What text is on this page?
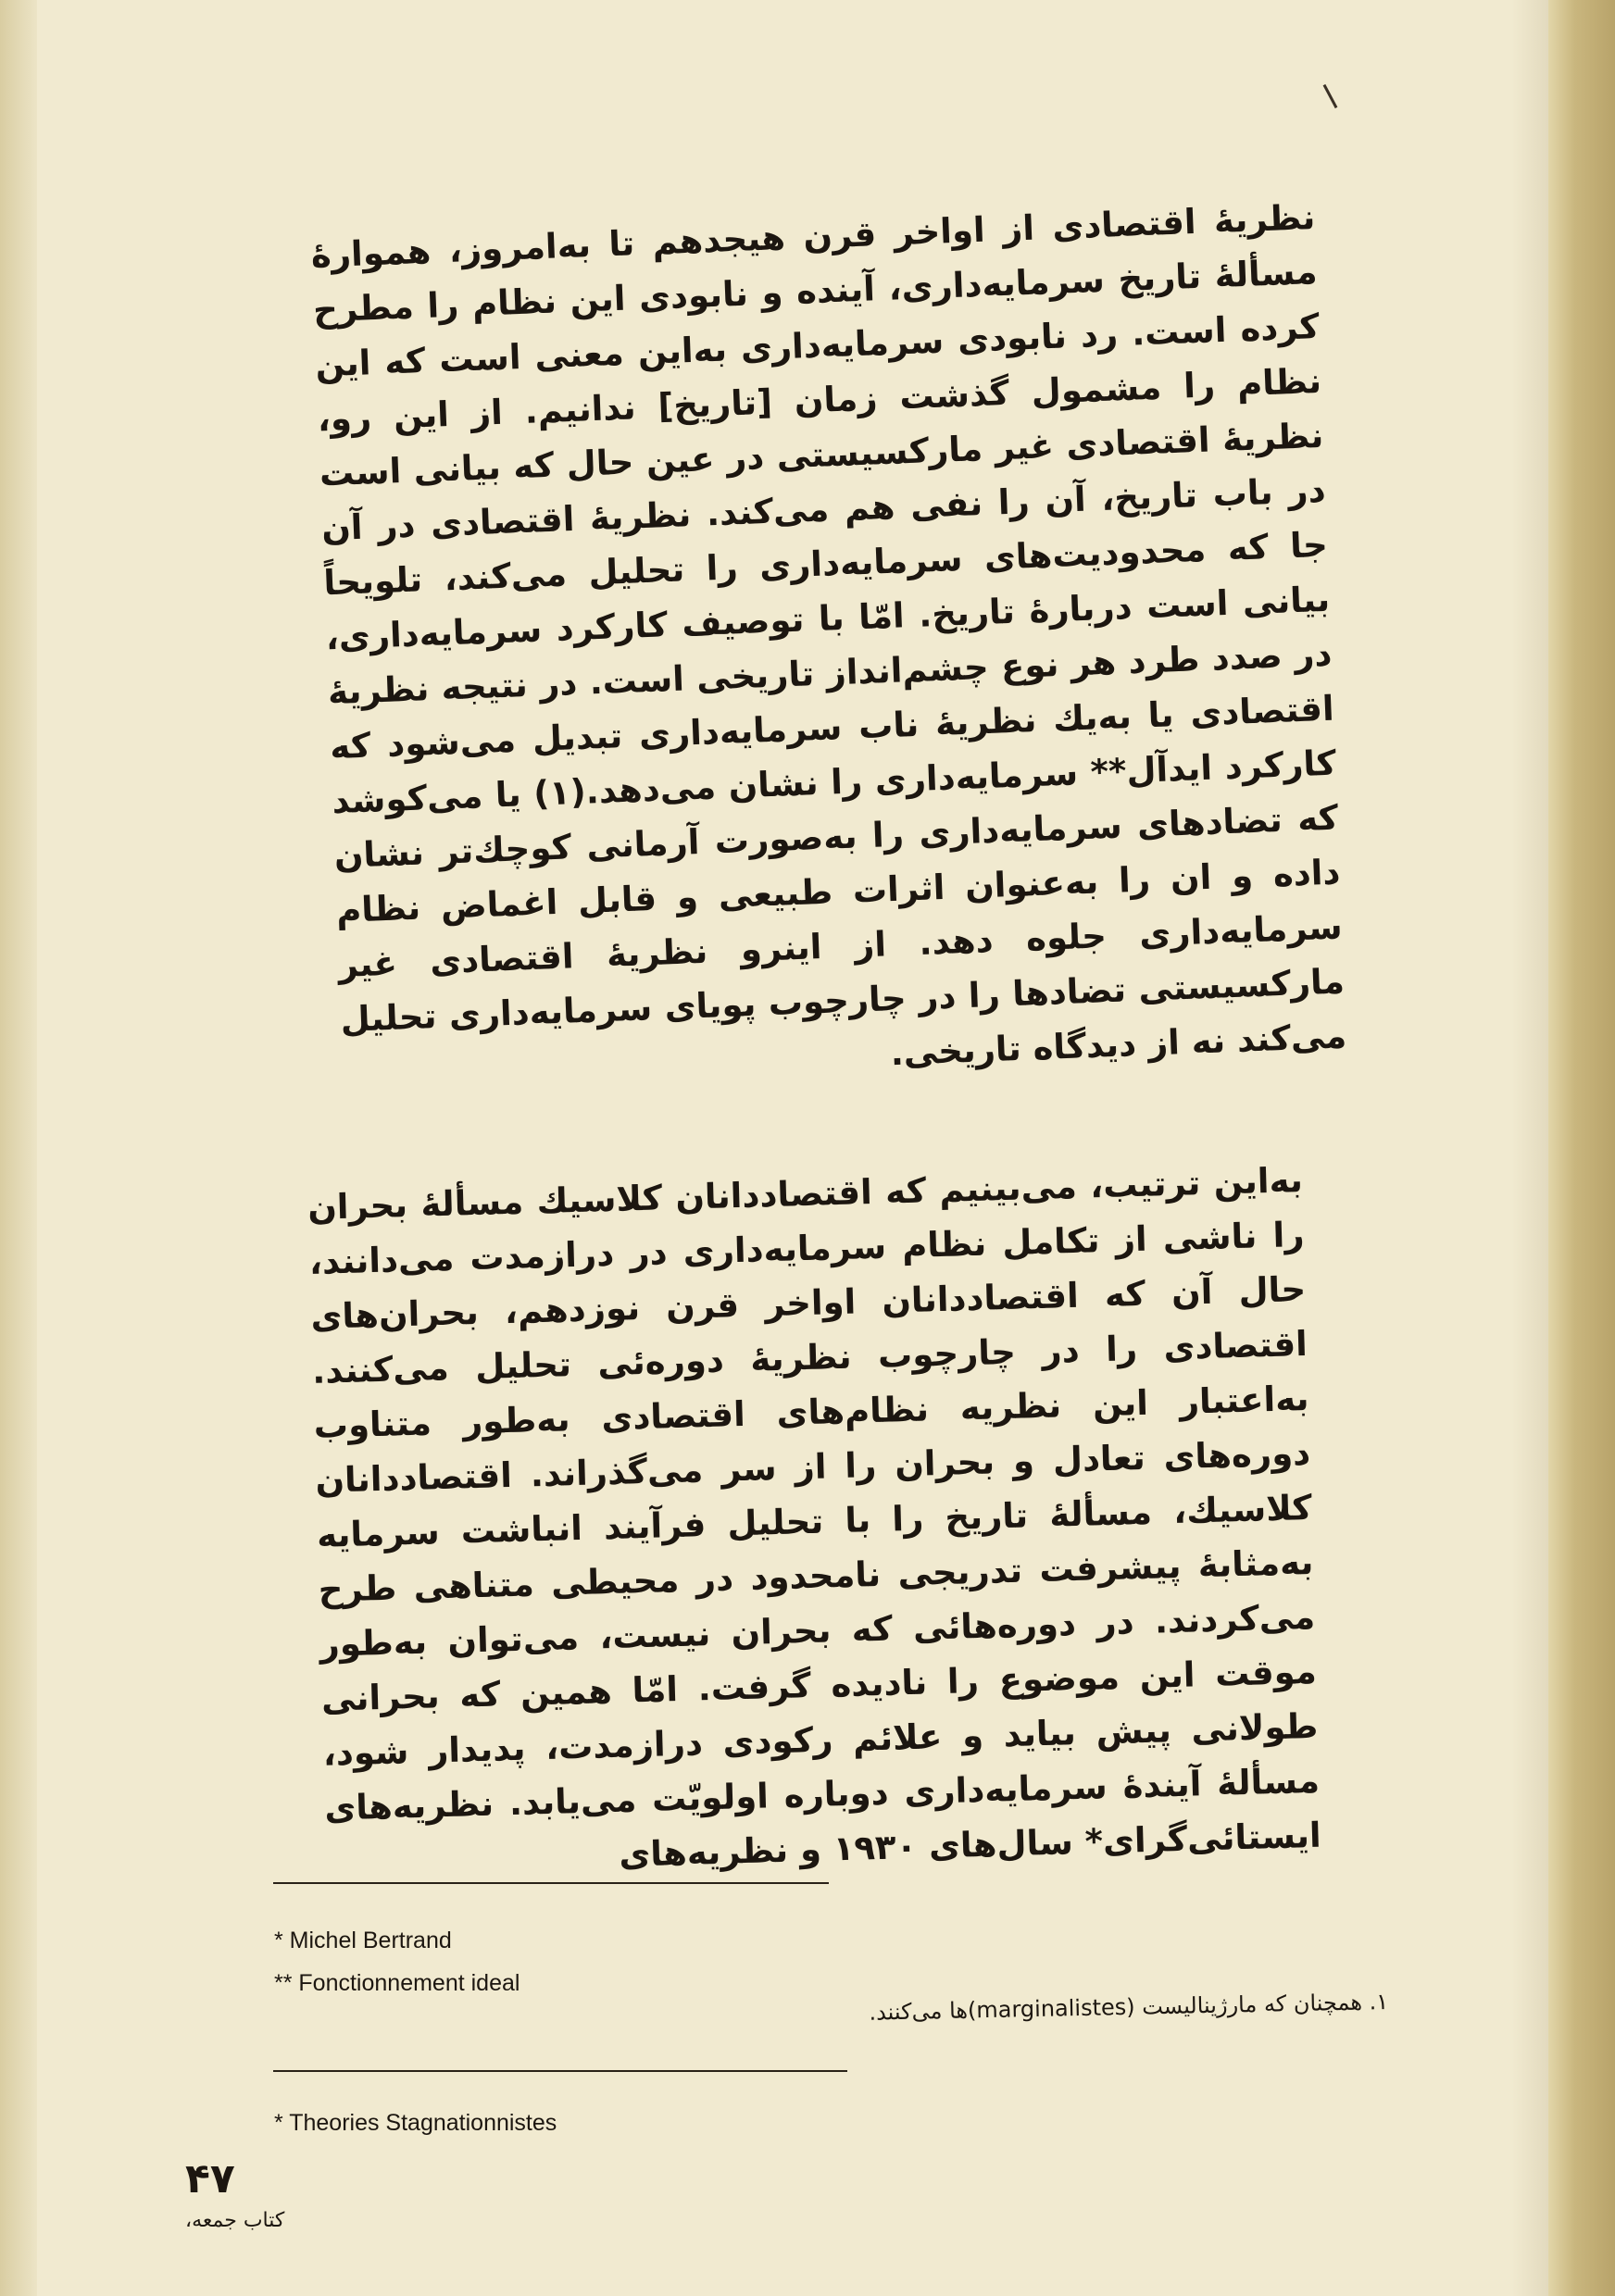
نظریهٔ اقتصادی از اواخر قرن هیجدهم تا به‌امروز، هموارهٔ مسألهٔ تاریخ سرمایه‌داری، آینده و نابودی این نظام را مطرح کرده است. رد نابودی سرمایه‌داری به‌این معنی است که این نظام را مشمول گذشت زمان [تاریخ] ندانیم. از این رو، نظریهٔ اقتصادی غیر مارکسیستی در عین حال که بیانی است در باب تاریخ، آن را نفی هم می‌کند. نظریهٔ اقتصادی در آن جا که محدودیت‌های سرمایه‌داری را تحلیل می‌کند، تلویحاً بیانی است دربارهٔ تاریخ. امّا با توصیف کارکرد سرمایه‌داری، در صدد طرد هر نوع چشم‌انداز تاریخی است. در نتیجه نظریهٔ اقتصادی یا به‌یك نظریهٔ ناب سرمایه‌داری تبدیل می‌شود که کارکرد ایدآل** سرمایه‌داری را نشان می‌دهد.(۱) یا می‌کوشد که تضادهای سرمایه‌داری را به‌صورت آرمانی کوچك‌تر نشان داده و ان را به‌عنوان اثرات طبیعی و قابل اغماض نظام سرمایه‌داری جلوه دهد. از اینرو نظریهٔ اقتصادی غیر مارکسیستی تضادها را در چارچوب پویای سرمایه‌داری تحلیل می‌کند نه از دیدگاه تاریخی.

به‌این ترتیب، می‌بینیم که اقتصاددانان کلاسیك مسألهٔ بحران را ناشی از تکامل نظام سرمایه‌داری در درازمدت می‌دانند، حال آن که اقتصاددانان اواخر قرن نوزدهم، بحران‌های اقتصادی را در چارچوب نظریهٔ دوره‌ئی تحلیل می‌کنند. به‌اعتبار این نظریه نظام‌های اقتصادی به‌طور متناوب دوره‌های تعادل و بحران را از سر می‌گذراند. اقتصاددانان کلاسیك، مسألهٔ تاریخ را با تحلیل فرآیند انباشت سرمایه به‌مثابهٔ پیشرفت تدریجی نامحدود در محیطی متناهی طرح می‌کردند. در دوره‌هائی که بحران نیست، می‌توان به‌طور موقت این موضوع را نادیده گرفت. امّا همین که بحرانی طولانی پیش بیاید و علائم رکودی درازمدت، پدیدار شود، مسألهٔ آیندهٔ سرمایه‌داری دوباره اولویّت می‌یابد. نظریه‌های ایستائی‌گرای* سال‌های ۱۹۳۰ و نظریه‌های

* Michel Bertrand
** Fonctionnement ideal
۱. همچنان که مارژینالیست (marginalistes)ها می‌کنند.
* Theories Stagnationnistes
۴۷
کتاب جمعه،
